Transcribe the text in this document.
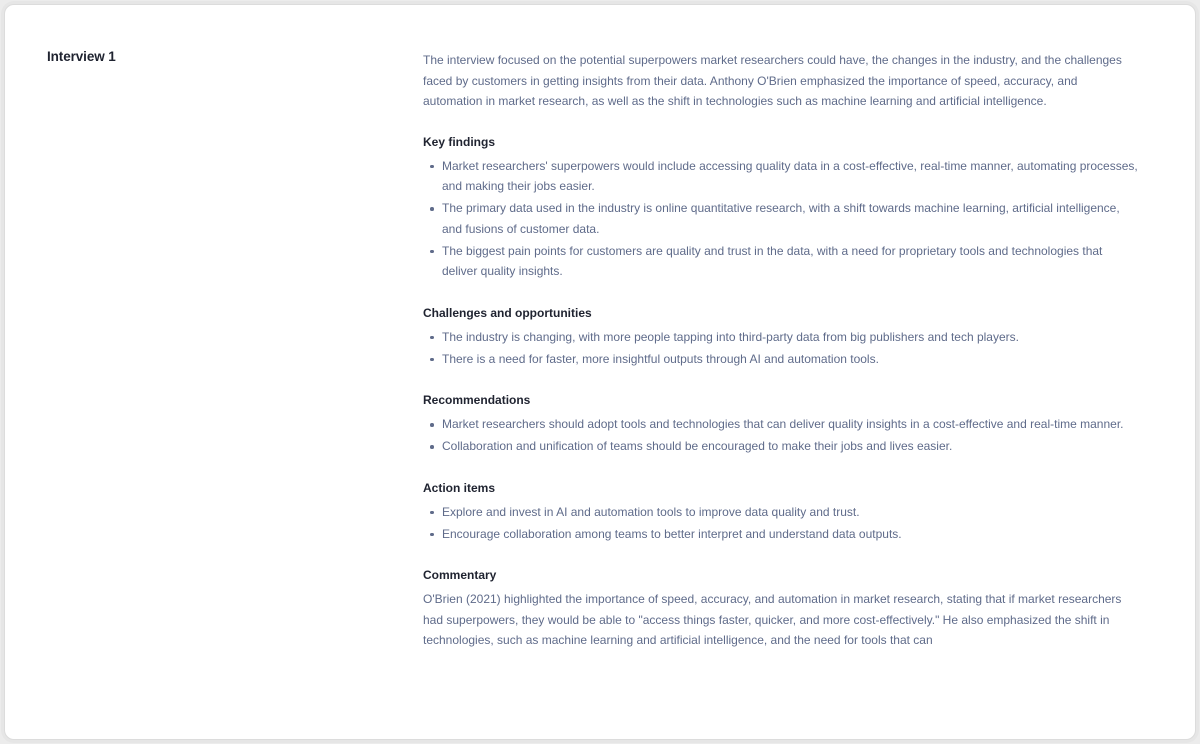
Interview 1	The interview focused on the potential superpowers market researchers could have, the changes in the industry, and the challenges faced by customers in getting insights from their data. Anthony O'Brien emphasized the importance of speed, accuracy, and automation in market research, as well as the shift in technologies such as machine learning and artificial intelligence.

Key findings
Market researchers' superpowers would include accessing quality data in a cost-effective, real-time manner, automating processes, and making their jobs easier.
The primary data used in the industry is online quantitative research, with a shift towards machine learning, artificial intelligence, and fusions of customer data.
The biggest pain points for customers are quality and trust in the data, with a need for proprietary tools and technologies that deliver quality insights.
Challenges and opportunities
The industry is changing, with more people tapping into third-party data from big publishers and tech players.
There is a need for faster, more insightful outputs through AI and automation tools.
Recommendations
Market researchers should adopt tools and technologies that can deliver quality insights in a cost-effective and real-time manner.
Collaboration and unification of teams should be encouraged to make their jobs and lives easier.
Action items
Explore and invest in AI and automation tools to improve data quality and trust.
Encourage collaboration among teams to better interpret and understand data outputs.
Commentary

O'Brien (2021) highlighted the importance of speed, accuracy, and automation in market research, stating that if market researchers had superpowers, they would be able to "access things faster, quicker, and more cost-effectively." He also emphasized the shift in technologies, such as machine learning and artificial intelligence, and the need for tools that can
